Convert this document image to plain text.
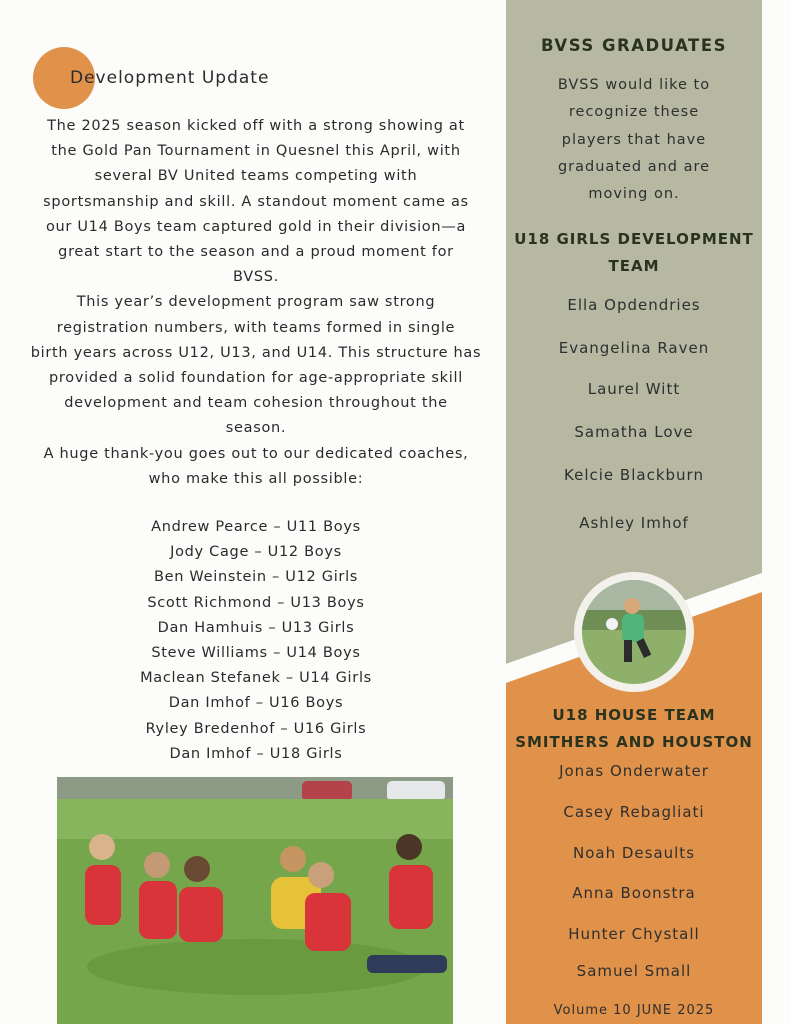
Development Update

The 2025 season kicked off with a strong showing at
the Gold Pan Tournament in Quesnel this April, with
several BV United teams competing with
sportsmanship and skill. A standout moment came as
our U14 Boys team captured gold in their division—a
great start to the season and a proud moment for
BVSS.

This year’s development program saw strong
registration numbers, with teams formed in single
birth years across U12, U13, and U14. This structure has
provided a solid foundation for age-appropriate skill
development and team cohesion throughout the
season.

A huge thank-you goes out to our dedicated coaches,
who make this all possible:

Andrew Pearce – U11 Boys
Jody Cage – U12 Boys
Ben Weinstein – U12 Girls
Scott Richmond – U13 Boys
Dan Hamhuis – U13 Girls
Steve Williams – U14 Boys
Maclean Stefanek – U14 Girls
Dan Imhof – U16 Boys
Ryley Bredenhof – U16 Girls
Dan Imhof – U18 Girls
BVSS GRADUATES
BVSS would like to
recognize these
players that have
graduated and are
moving on.
U18 GIRLS DEVELOPMENT
TEAM
Ella Opdendries
Evangelina Raven
Laurel Witt
Samatha Love
Kelcie Blackburn
Ashley Imhof
U18 HOUSE TEAM
SMITHERS AND HOUSTON
Jonas Onderwater
Casey Rebagliati
Noah Desaults
Anna Boonstra
Hunter Chystall
Samuel Small
Volume 10 JUNE 2025
